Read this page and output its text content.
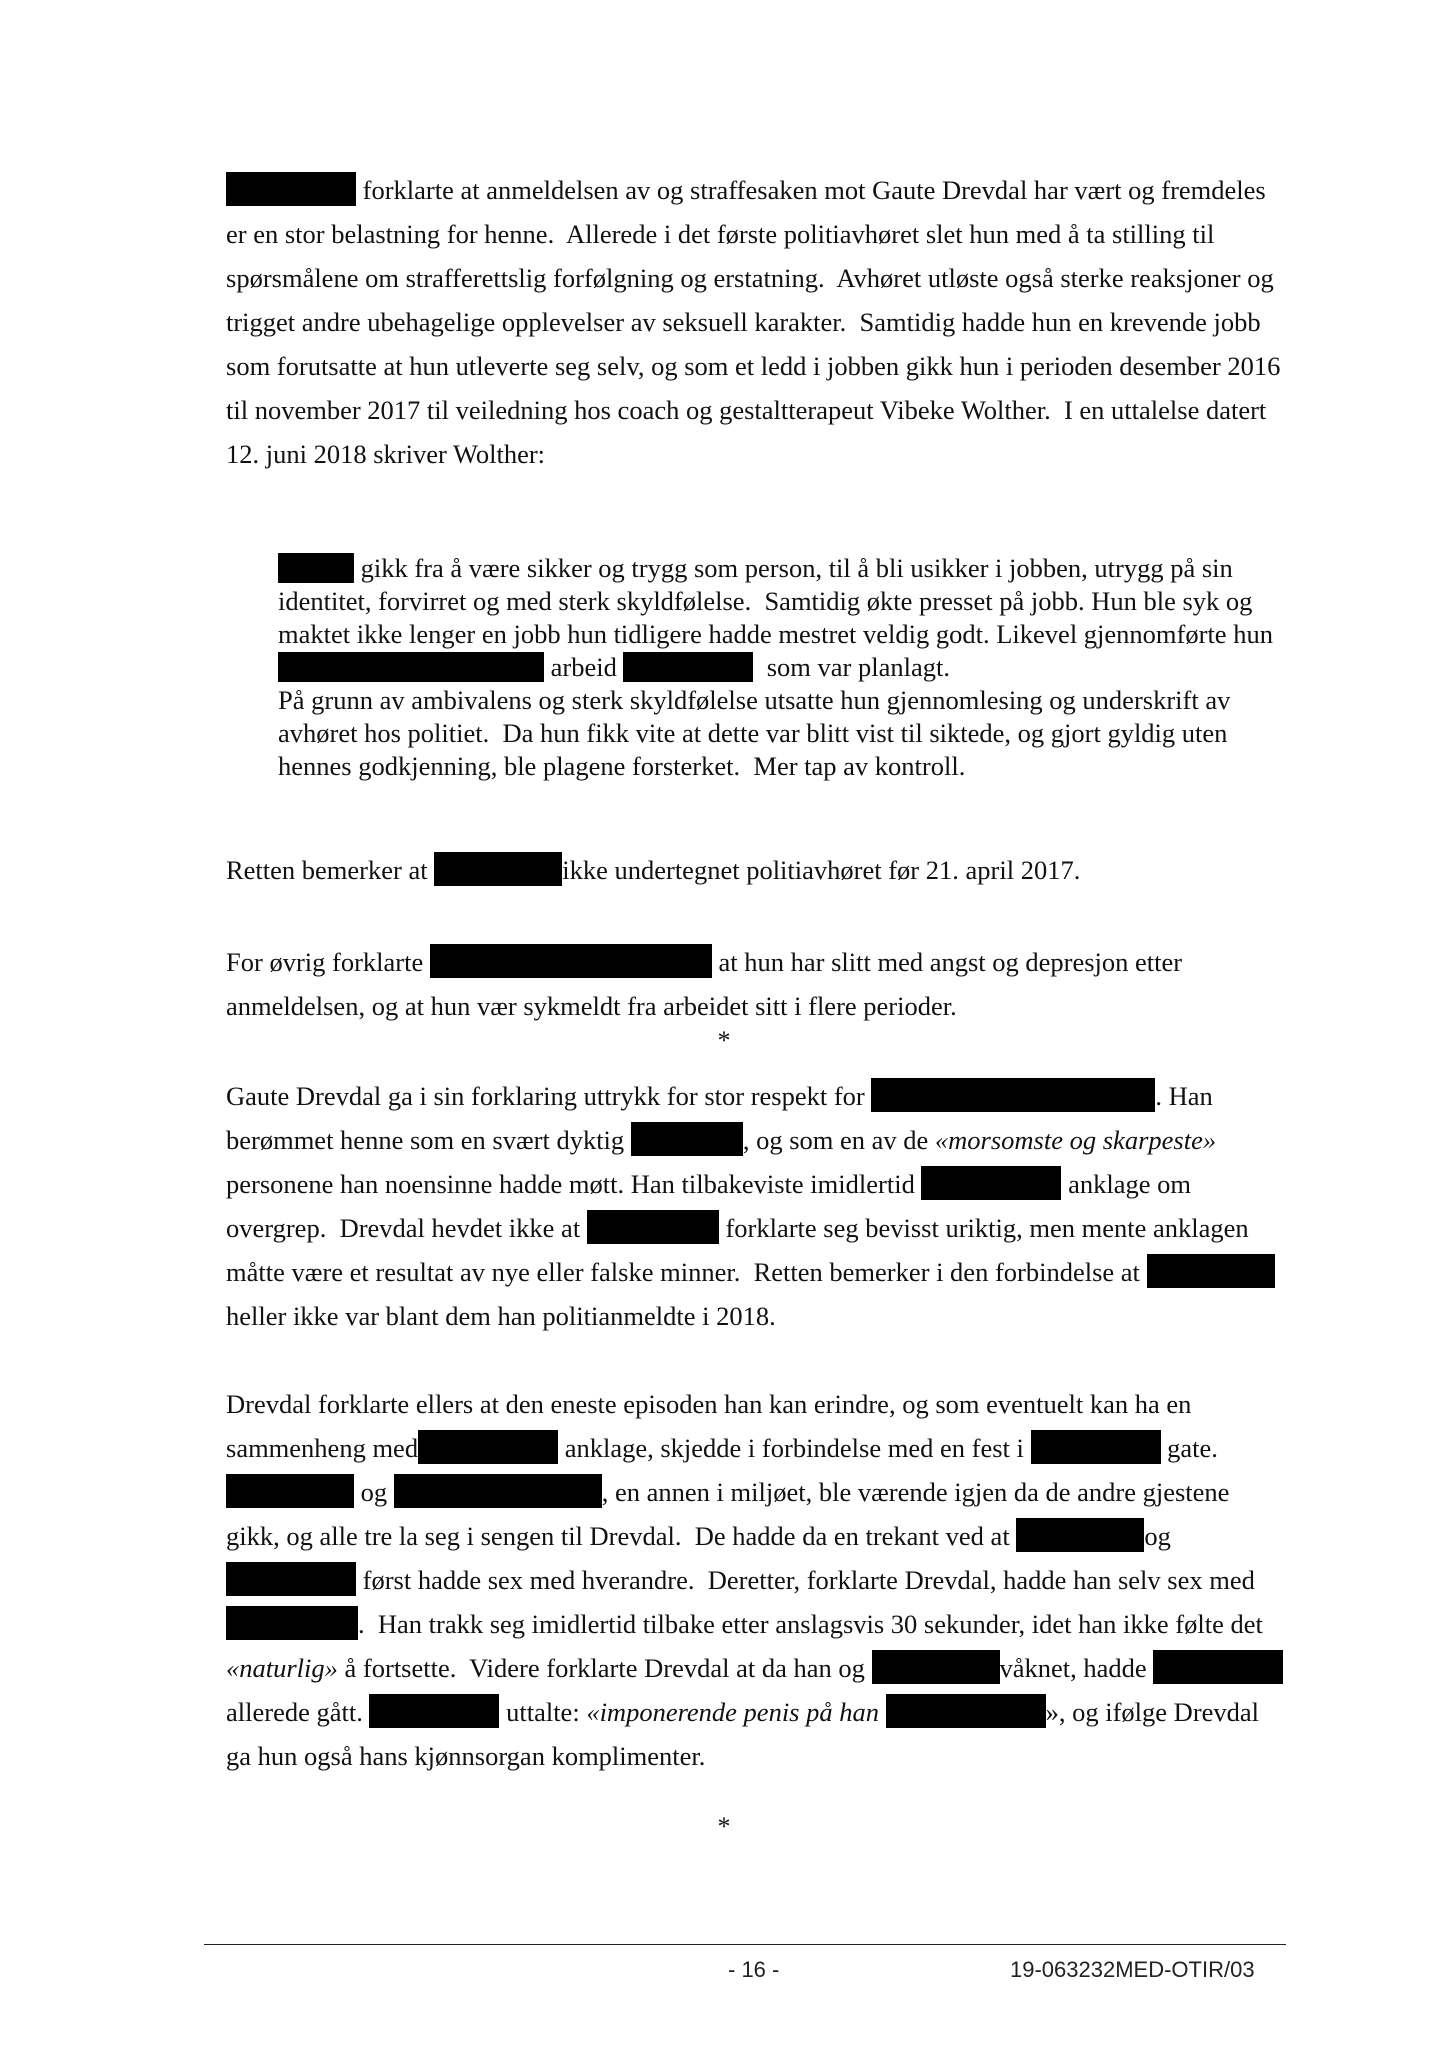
forklarte at anmeldelsen av og straffesaken mot Gaute Drevdal har vært og fremdeles er en stor belastning for henne.  Allerede i det første politiavhøret slet hun med å ta stilling til spørsmålene om strafferettslig forfølgning og erstatning.  Avhøret utløste også sterke reaksjoner og trigget andre ubehagelige opplevelser av seksuell karakter.  Samtidig hadde hun en krevende jobb som forutsatte at hun utleverte seg selv, og som et ledd i jobben gikk hun i perioden desember 2016 til november 2017 til veiledning hos coach og gestaltterapeut Vibeke Wolther.  I en uttalelse datert 12. juni 2018 skriver Wolther:
gikk fra å være sikker og trygg som person, til å bli usikker i jobben, utrygg på sin identitet, forvirret og med sterk skyldfølelse.  Samtidig økte presset på jobb. Hun ble syk og maktet ikke lenger en jobb hun tidligere hadde mestret veldig godt. Likevel gjennomførte hun  arbeid	som var planlagt.
På grunn av ambivalens og sterk skyldfølelse utsatte hun gjennomlesing og underskrift av avhøret hos politiet.  Da hun fikk vite at dette var blitt vist til siktede, og gjort gyldig uten hennes godkjenning, ble plagene forsterket.  Mer tap av kontroll.
Retten bemerker at	ikke undertegnet politiavhøret før 21. april 2017.
For øvrig forklarte	at hun har slitt med angst og depresjon etter anmeldelsen, og at hun vær sykmeldt fra arbeidet sitt i flere perioder.
*
Gaute Drevdal ga i sin forklaring uttrykk for stor respekt for	. Han berømmet henne som en svært dyktig	, og som en av de «morsomste og skarpeste» personene han noensinne hadde møtt. Han tilbakeviste imidlertid	anklage om overgrep.  Drevdal hevdet ikke at	forklarte seg bevisst uriktig, men mente anklagen måtte være et resultat av nye eller falske minner.  Retten bemerker i den forbindelse at heller ikke var blant dem han politianmeldte i 2018.
Drevdal forklarte ellers at den eneste episoden han kan erindre, og som eventuelt kan ha en sammenheng med	anklage, skjedde i forbindelse med en fest i	gate.  og	, en annen i miljøet, ble værende igjen da de andre gjestene gikk, og alle tre la seg i sengen til Drevdal.  De hadde da en trekant ved at	og  først hadde sex med hverandre.  Deretter, forklarte Drevdal, hadde han selv sex med.  Han trakk seg imidlertid tilbake etter anslagsvis 30 sekunder, idet han ikke følte det «naturlig» å fortsette.  Videre forklarte Drevdal at da han og	våknet, hadde	allerede gått.	uttalte: «imponerende penis på han	», og ifølge Drevdal ga hun også hans kjønnsorgan komplimenter.
*
- 16 -	19-063232MED-OTIR/03
